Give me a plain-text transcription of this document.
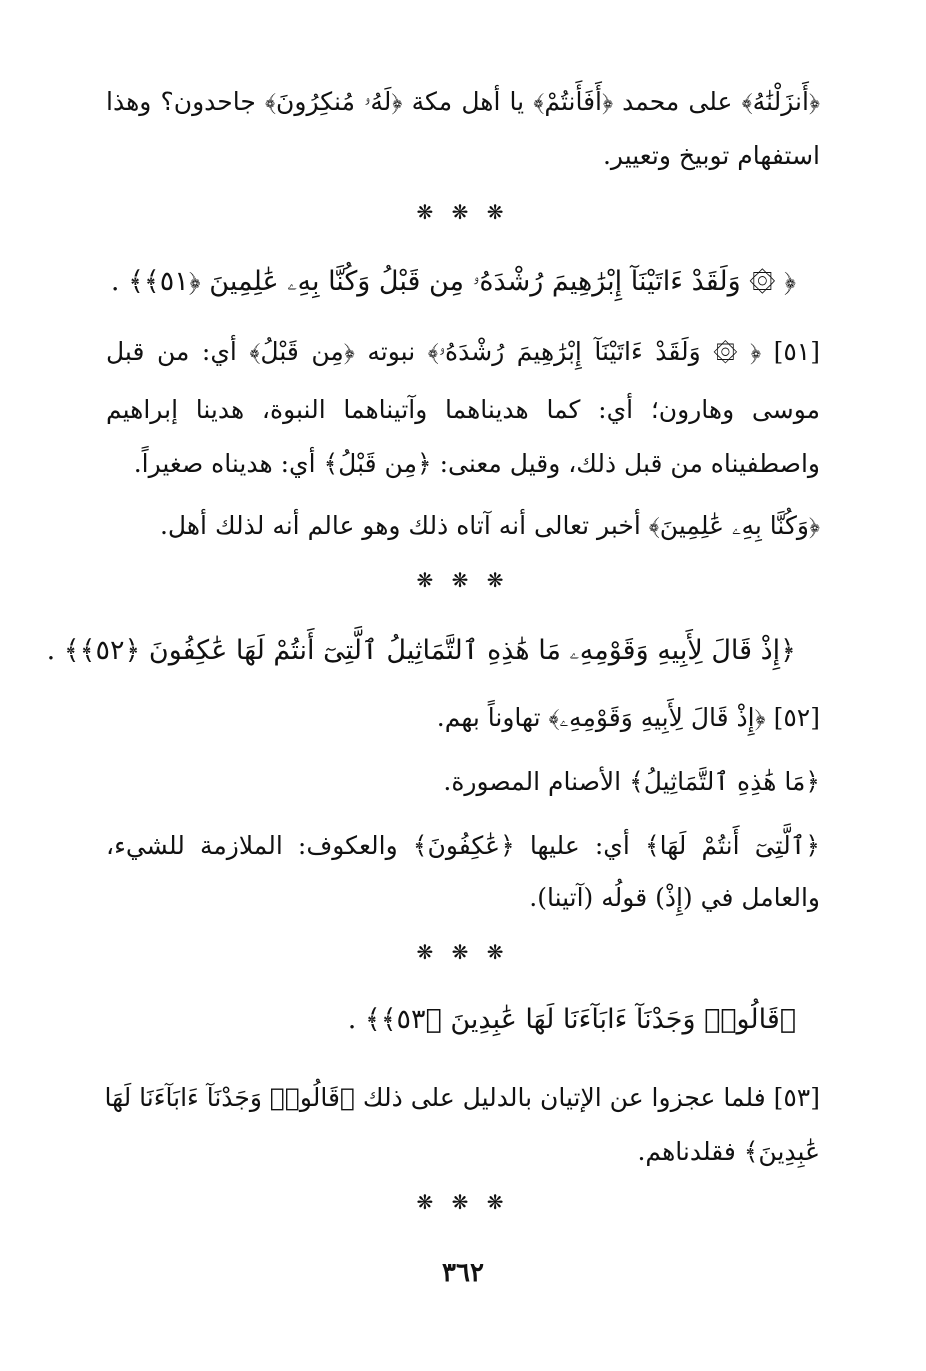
﴿أَنزَلْنَٰهُ﴾ على محمد ﴿أَفَأَنتُمْ﴾ يا أهل مكة ﴿لَهُۥ مُنكِرُونَ﴾ جاحدون؟ وهذا

استفهام توبيخ وتعيير.

❋ ❋ ❋

﴿ ۞ وَلَقَدْ ءَاتَيْنَآ إِبْرَٰهِيمَ رُشْدَهُۥ مِن قَبْلُ وَكُنَّا بِهِۦ عَٰلِمِينَ ﴿٥١﴾﴾ .

[٥١] ﴿ ۞ وَلَقَدْ ءَاتَيْنَآ إِبْرَٰهِيمَ رُشْدَهُۥ﴾ نبوته ﴿مِن قَبْلُ﴾ أي: من قبل

موسى وهارون؛ أي: كما هديناهما وآتيناهما النبوة، هدينا إبراهيم

واصطفيناه من قبل ذلك، وقيل معنى: ﴿مِن قَبْلُ﴾ أي: هديناه صغيراً.

﴿وَكُنَّا بِهِۦ عَٰلِمِينَ﴾ أخبر تعالى أنه آتاه ذلك وهو عالم أنه لذلك أهل.

❋ ❋ ❋

﴿إِذْ قَالَ لِأَبِيهِ وَقَوْمِهِۦ مَا هَٰذِهِ ٱلتَّمَاثِيلُ ٱلَّتِىٓ أَنتُمْ لَهَا عَٰكِفُونَ ﴿٥٢﴾﴾ .

[٥٢] ﴿إِذْ قَالَ لِأَبِيهِ وَقَوْمِهِۦ﴾ تهاوناً بهم.

﴿مَا هَٰذِهِ ٱلتَّمَاثِيلُ﴾ الأصنام المصورة.

﴿ٱلَّتِىٓ أَنتُمْ لَهَا﴾ أي: عليها ﴿عَٰكِفُونَ﴾ والعكوف: الملازمة للشيء،

والعامل في (إِذْ) قولُه (آتينا).

❋ ❋ ❋

﴿قَالُوا۟ وَجَدْنَآ ءَابَآءَنَا لَهَا عَٰبِدِينَ ﴿٥٣﴾﴾ .

[٥٣] فلما عجزوا عن الإتيان بالدليل على ذلك ﴿قَالُوا۟ وَجَدْنَآ ءَابَآءَنَا لَهَا

عَٰبِدِينَ﴾ فقلدناهم.

❋ ❋ ❋
٣٦٢
